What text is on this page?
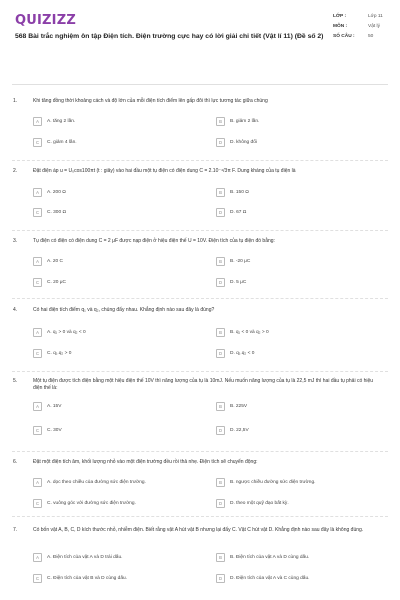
QUIZIZZ
568 Bài trắc nghiệm ôn tập Điện tích. Điện trường cực hay có lời giải chi tiết (Vật lí 11) (Đề số 2)
LỚP :	Lớp 11
MÔN :	Vật lý
SỐ CÂU :	50
1.	Khi tăng đồng thời khoảng cách và độ lớn của mỗi điện tích điểm lên gấp đôi thì lực tương tác giữa chúng
A	A. tăng 2 lần.	B	B. giảm 2 lần.
C	C. giảm 4 lần.	D	D. không đổi
2.	Đặt điện áp u = U₀cos100πt (t : giây) vào hai đầu một tụ điện có điện dung C = 2.10⁻⁴/3π F. Dung kháng của tụ điện là
A	A. 200 Ω	B	B. 150 Ω
C	C. 300 Ω	D	D. 67 Ω
3.	Tụ điện có điện có điện dung C = 2 μF được nạp điện ở hiệu điện thế U = 10V. Điện tích của tụ điện đó bằng:
A	A. 20 C	B	B. -20 μC
C	C. 20 μC	D	D. 5 μC
4.	Có hai điện tích điểm q₁ và q₂, chúng đẩy nhau. Khẳng định nào sau đây là đúng?
A	A. q₁ > 0 và q₂ < 0	B	B. q₁ < 0 và q₂ > 0
C	C. q₁.q₂ > 0	D	D. q₁.q₂ < 0
5.	Một tụ điện được tích điện bằng một hiệu điện thế 10V thì năng lượng của tụ là 10mJ. Nếu muốn năng lượng của tụ là 22,5 mJ thì hai đầu tụ phải có hiệu điện thế là:
A	A. 15V	B	B. 225V
C	C. 30V	D	D. 22,5V
6.	Đặt một điện tích âm, khối lượng nhỏ vào một điện trường đều rồi thả nhẹ. Điện tích sẽ chuyển động:
A	A. dọc theo chiều của đường sức điện trường.	B	B. ngược chiều đường sức điện trường.
C	C. vuông góc với đường sức điện trường.	D	D. theo một quỹ đạo bất kỳ.
7.	Có bốn vật A, B, C, D kích thước nhỏ, nhiễm điện. Biết rằng vật A hút vật B nhưng lại đẩy C. Vật C hút vật D. Khẳng định nào sau đây là không đúng.
A	A. Điện tích của vật A và D trái dấu.	B	B. Điện tích của vật A và D cùng dấu.
C	C. Điện tích của vật B và D cùng dấu.	D	D. Điện tích của vật A và C cùng dấu.
